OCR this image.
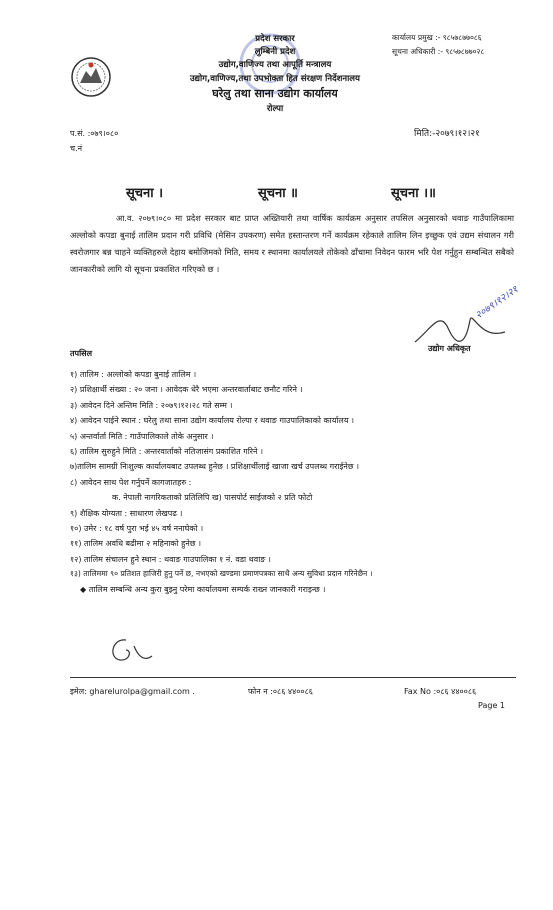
प्रदेश सरकार
लुम्बिनी प्रदेश
उद्योग,वाणिज्य तथा आपूर्ति मन्त्रालय
उद्योग,वाणिज्य,तथा उपभोक्ता हित संरक्षण निर्देशनालय
घरेलु तथा साना उद्योग कार्यालय
रोल्पा
कार्यालय प्रमुख :- ९८५७८७७०८६
सूचना अधिकारी :- ९८५७८७७०२८
प.सं. :०७९।०८०
च.नं
मिति:-२०७९।१२।२१
सूचना ।	सूचना ॥	सूचना ।॥
आ.व. २०७९।०८० मा प्रदेश सरकार बाट प्राप्त अख्तियारी तथा वार्षिक कार्यक्रम अनुसार तपसिल अनुसारको थवाङ गाउँपालिकामा अल्लोको कपडा बुनाई तालिम प्रदान गरी प्रविधि (मेसिन उपकरण) समेत हस्तान्तरण गर्ने कार्यक्रम रहेकाले तालिम लिन इच्छुक एवं उद्यम संचालन गरी स्वरोजगार बन्न चाहने व्यक्तिहरुले देहाय बमोजिमको मिति, समय र स्थानमा कार्यालयले तोकेको ढाँचामा निवेदन फारम भरि पेश गर्नुहुन सम्बन्धित सबैको जानकारीको लागि यो सूचना प्रकाशित गरिएको छ ।
२०७९।१२।२१
उद्योग अधिकृत
तपसिल
१) तालिम : अल्लोको कपडा बुनाई तालिम ।
२) प्रशिक्षार्थी संख्या : २० जना । आवेदक धेरै भएमा अन्तरवार्ताबाट छनौट गरिने ।
३) आवेदन दिने अन्तिम मिति : २०७९।१२।२८ गते सम्म ।
४) आवेदन पाईने स्थान : घरेलु तथा साना उद्योग कार्यालय रोल्पा र थवाङ गाउपालिकाको कार्यालय ।
५) अन्तर्वार्ता मिति : गाउँपालिकाले तोके अनुसार ।
६) तालिम सुरुहुने मिति : अन्तरवार्ताको नतिजासंग प्रकाशित गरिने ।
७)तालिम सामग्री निःशुल्क कार्यालयबाट उपलब्ध हुनेछ । प्रशिक्षार्थीलाई खाजा खर्च उपलब्ध गराईनेछ ।
८) आवेदन साथ पेश गर्नुपर्ने कागजातहरु :
क. नेपाली नागरिकताको प्रतिलिपि ख) पासपोर्ट साईजको २ प्रति फोटो
९) शैक्षिक योग्यता : साधारण लेखपढ ।
१०) उमेर : १८ वर्ष पुरा भई ४५ वर्ष ननाघेको ।
११) तालिम अवधि बढीमा २ महिनाको हुनेछ ।
१२) तालिम संचालन हुने स्थान : थवाङ गाउपालिका १ नं. वडा थवाङ ।
१३) तालिममा ९० प्रतिशत हाजिरी हुनु पर्ने छ, नभएको खण्डमा प्रमाणपत्रका साथै अन्य सुविधा प्रदान गरिनेछैन ।
◆ तालिम सम्बन्धि अन्य कुरा बुझ्नु परेमा कार्यालयमा सम्पर्क राख्न जानकारी गराइन्छ ।
इमेल: gharelurolpa@gmail.com .	फोन न :०८६ ४४००८६	Fax No :०८६ ४४००८६
Page 1
